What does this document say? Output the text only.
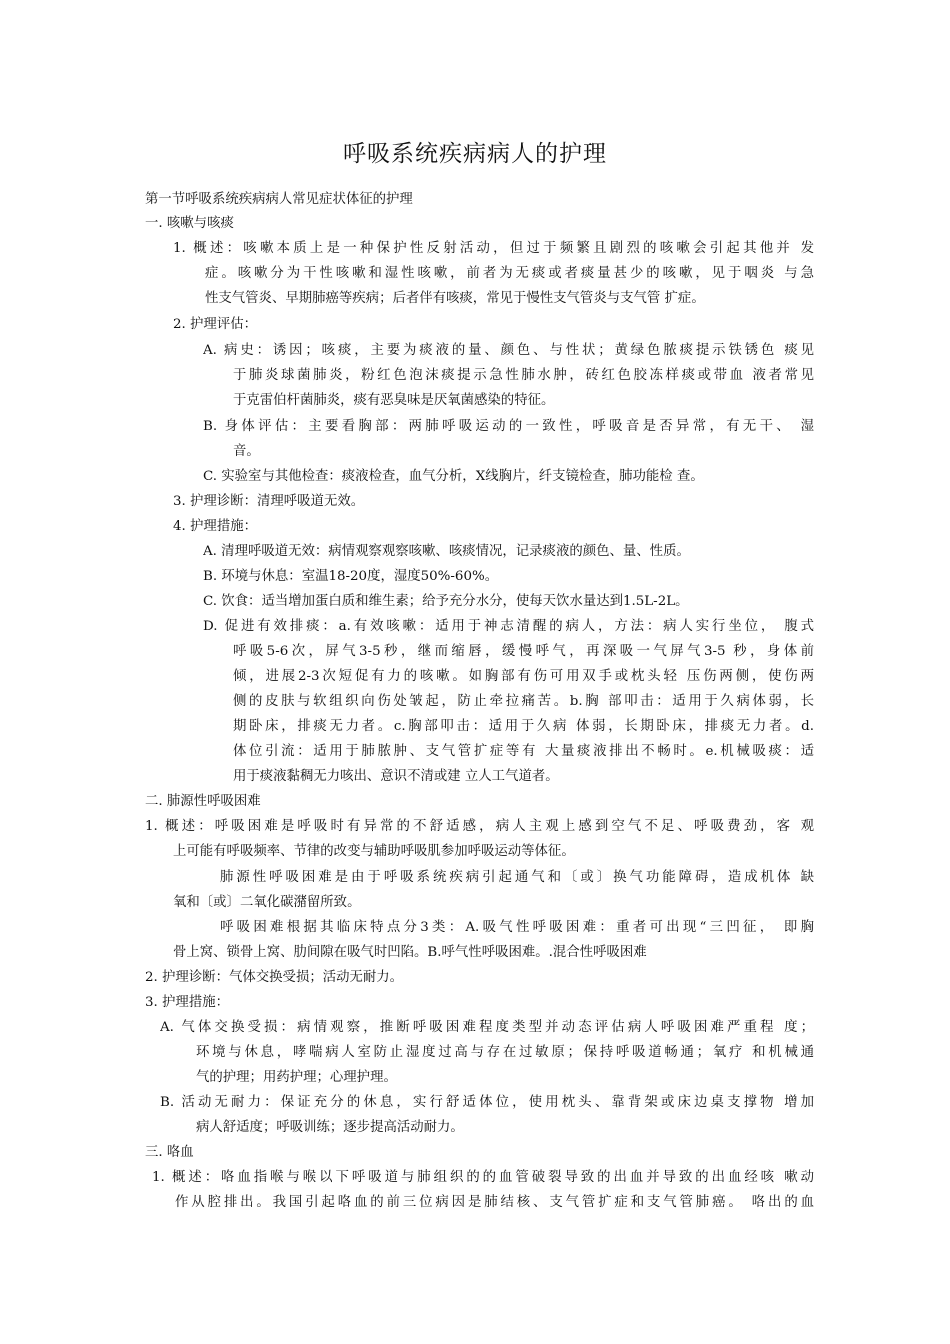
呼吸系统疾病病人的护理
第一节呼吸系统疾病病人常见症状体征的护理
一. 咳嗽与咳痰
1. 概述：咳嗽本质上是一种保护性反射活动，但过于频繁且剧烈的咳嗽会引起其他并 发
症。咳嗽分为干性咳嗽和湿性咳嗽，前者为无痰或者痰量甚少的咳嗽，见于咽炎 与急
性支气管炎、早期肺癌等疾病；后者伴有咳痰，常见于慢性支气管炎与支气管 扩症。
2. 护理评估：
A. 病史：诱因；咳痰，主要为痰液的量、颜色、与性状；黄绿色脓痰提示铁锈色 痰见
于肺炎球菌肺炎，粉红色泡沫痰提示急性肺水肿，砖红色胶冻样痰或带血 液者常见
于克雷伯杆菌肺炎，痰有恶臭味是厌氧菌感染的特征。
B. 身体评估：主要看胸部：两肺呼吸运动的一致性，呼吸音是否异常，有无干、 湿
音。
C. 实验室与其他检查：痰液检查，血气分析，X线胸片，纤支镜检查，肺功能检 查。
3. 护理诊断：清理呼吸道无效。
4. 护理措施：
A. 清理呼吸道无效：病情观察观察咳嗽、咳痰情况，记录痰液的颜色、量、性质。
B. 环境与休息：室温18-20度，湿度50%-60%。
C. 饮食：适当增加蛋白质和维生素；给予充分水分，使每天饮水量达到1.5L-2L。
D. 促进有效排痰：a.有效咳嗽：适用于神志清醒的病人，方法：病人实行坐位， 腹式
呼吸5-6次，屏气3-5秒，继而缩唇，缓慢呼气，再深吸一气屏气3-5 秒，身体前
倾，进展2-3次短促有力的咳嗽。如胸部有伤可用双手或枕头轻 压伤两侧，使伤两
侧的皮肤与软组织向伤处皱起，防止牵拉痛苦。b.胸 部叩击：适用于久病体弱，长
期卧床，排痰无力者。c.胸部叩击：适用于久病 体弱，长期卧床，排痰无力者。d.
体位引流：适用于肺脓肿、支气管扩症等有 大量痰液排出不畅时。e.机械吸痰：适
用于痰液黏稠无力咳出、意识不清或建 立人工气道者。
二. 肺源性呼吸困难
1. 概述：呼吸困难是呼吸时有异常的不舒适感，病人主观上感到空气不足、呼吸费劲，客 观
上可能有呼吸频率、节律的改变与辅助呼吸肌参加呼吸运动等体征。
肺源性呼吸困难是由于呼吸系统疾病引起通气和〔或〕换气功能障碍，造成机体 缺
氧和〔或〕二氧化碳潴留所致。
呼吸困难根据其临床特点分3类：A.吸气性呼吸困难：重者可出现“三凹征， 即胸
骨上窝、锁骨上窝、肋间隙在吸气时凹陷。B.呼气性呼吸困难。.混合性呼吸困难
2. 护理诊断：气体交换受损；活动无耐力。
3. 护理措施：
A. 气体交换受损：病情观察，推断呼吸困难程度类型并动态评估病人呼吸困难严重程 度；
环境与休息，哮喘病人室防止湿度过高与存在过敏原；保持呼吸道畅通；氧疗 和机械通
气的护理；用药护理；心理护理。
B. 活动无耐力：保证充分的休息，实行舒适体位，使用枕头、靠背架或床边桌支撑物 增加
病人舒适度；呼吸训练；逐步提高活动耐力。
三. 咯血
1. 概述：咯血指喉与喉以下呼吸道与肺组织的的血管破裂导致的出血并导致的出血经咳 嗽动
作从腔排出。我国引起咯血的前三位病因是肺结核、支气管扩症和支气管肺癌。 咯出的血
